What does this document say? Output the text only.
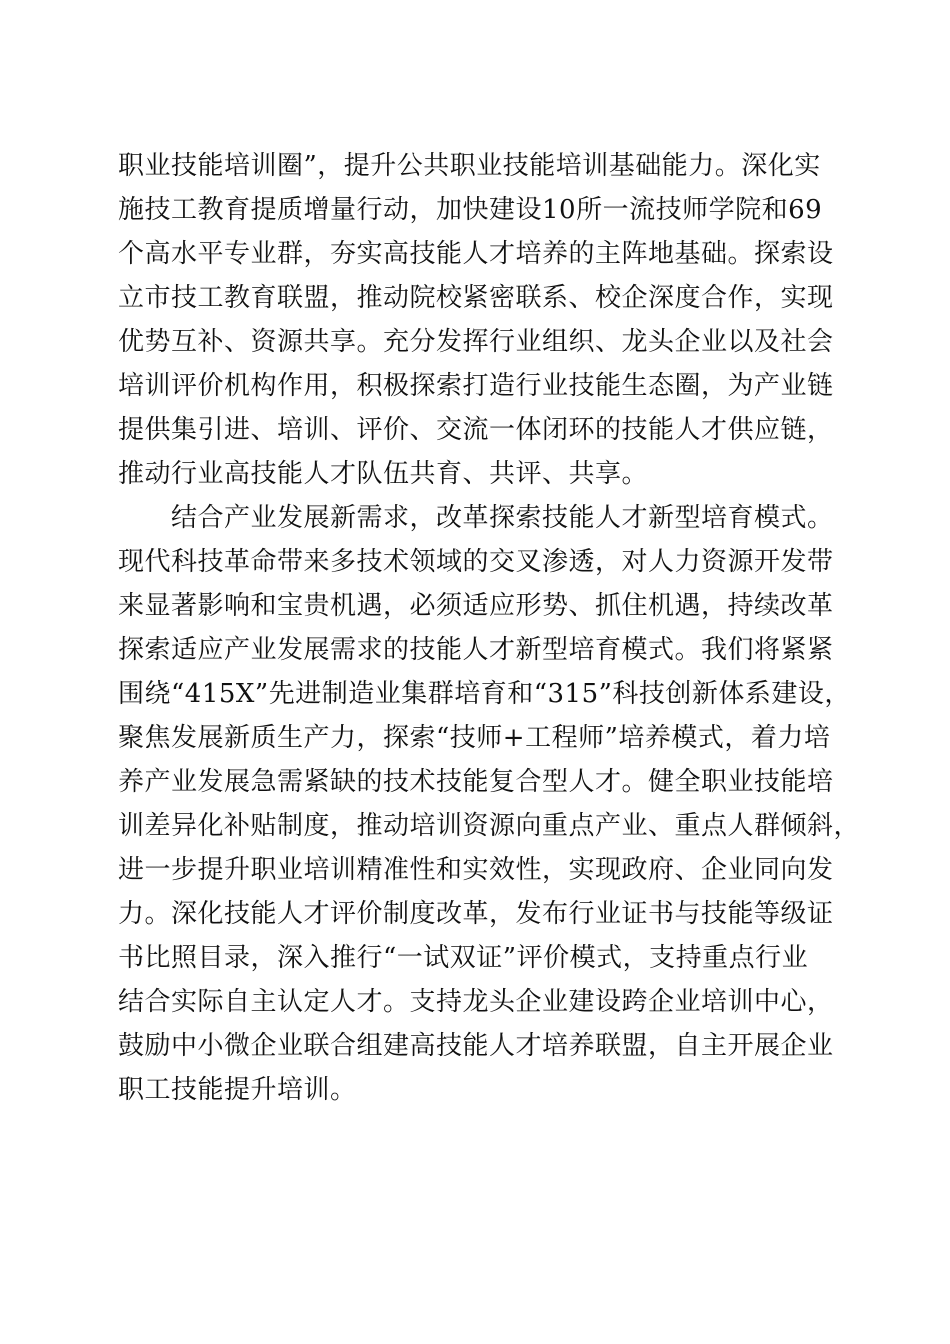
职业技能培训圈”，提升公共职业技能培训基础能力。深化实
施技工教育提质增量行动，加快建设10所一流技师学院和69
个高水平专业群，夯实高技能人才培养的主阵地基础。探索设
立市技工教育联盟，推动院校紧密联系、校企深度合作，实现
优势互补、资源共享。充分发挥行业组织、龙头企业以及社会
培训评价机构作用，积极探索打造行业技能生态圈，为产业链
提供集引进、培训、评价、交流一体闭环的技能人才供应链，
推动行业高技能人才队伍共育、共评、共享。
结合产业发展新需求，改革探索技能人才新型培育模式。
现代科技革命带来多技术领域的交叉渗透，对人力资源开发带
来显著影响和宝贵机遇，必须适应形势、抓住机遇，持续改革
探索适应产业发展需求的技能人才新型培育模式。我们将紧紧
围绕“415X”先进制造业集群培育和“315”科技创新体系建设，
聚焦发展新质生产力，探索“技师+工程师”培养模式，着力培
养产业发展急需紧缺的技术技能复合型人才。健全职业技能培
训差异化补贴制度，推动培训资源向重点产业、重点人群倾斜，
进一步提升职业培训精准性和实效性，实现政府、企业同向发
力。深化技能人才评价制度改革，发布行业证书与技能等级证
书比照目录，深入推行“一试双证”评价模式，支持重点行业
结合实际自主认定人才。支持龙头企业建设跨企业培训中心，
鼓励中小微企业联合组建高技能人才培养联盟，自主开展企业
职工技能提升培训。
